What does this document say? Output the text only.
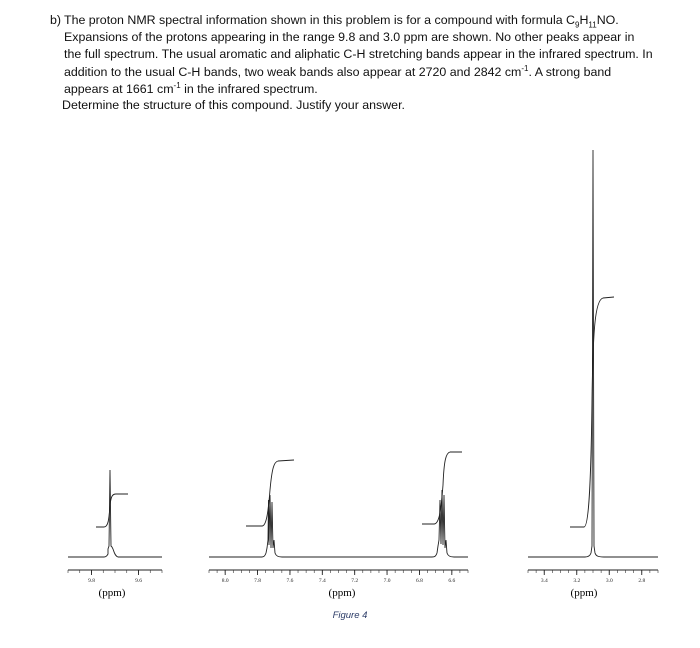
b) The proton NMR spectral information shown in this problem is for a compound with formula $C_9H_{11}NO$. Expansions of the protons appearing in the range 9.8 and 3.0 ppm are shown. No other peaks appear in the full spectrum. The usual aromatic and aliphatic C-H stretching bands appear in the infrared spectrum. In addition to the usual C-H bands, two weak bands also appear at 2720 and 2842 $cm^{-1}$. A strong band appears at 1661 $cm^{-1}$ in the infrared spectrum.

Determine the structure of this compound. Justify your answer.
9.8	9.6
(ppm)
8.0	7.8	7.6	7.4	7.2	7.0	6.8	6.6
(ppm)
3.4	3.2	3.0	2.8
(ppm)
Figure 4
